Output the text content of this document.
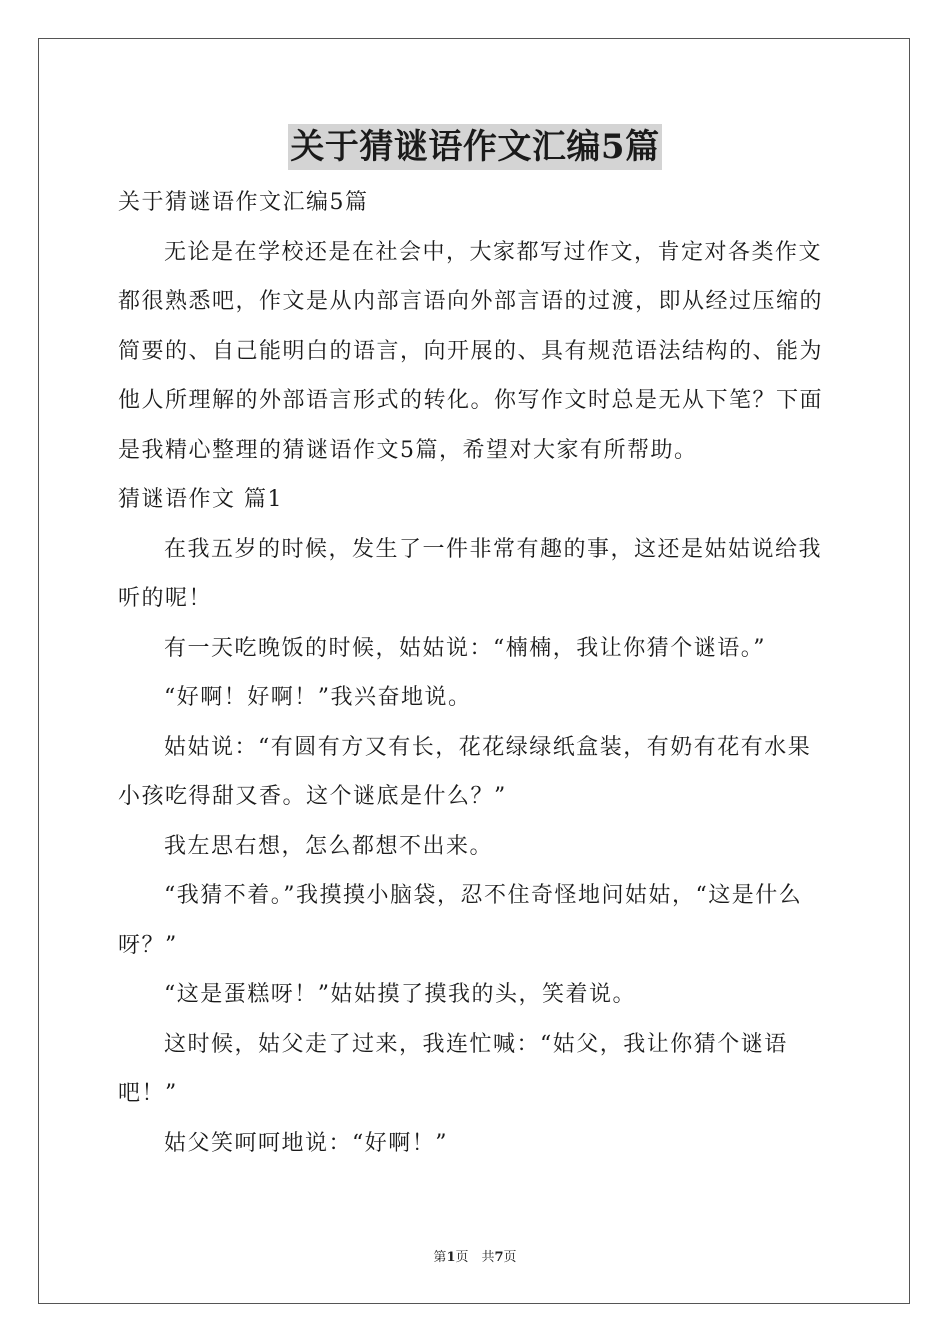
关于猜谜语作文汇编5篇

关于猜谜语作文汇编5篇

无论是在学校还是在社会中，大家都写过作文，肯定对各类作文都很熟悉吧，作文是从内部言语向外部言语的过渡，即从经过压缩的简要的、自己能明白的语言，向开展的、具有规范语法结构的、能为他人所理解的外部语言形式的转化。你写作文时总是无从下笔？下面是我精心整理的猜谜语作文5篇，希望对大家有所帮助。

猜谜语作文 篇1

在我五岁的时候，发生了一件非常有趣的事，这还是姑姑说给我听的呢！

有一天吃晚饭的时候，姑姑说：“楠楠，我让你猜个谜语。”

“好啊！好啊！”我兴奋地说。

姑姑说：“有圆有方又有长，花花绿绿纸盒装，有奶有花有水果小孩吃得甜又香。这个谜底是什么？”

我左思右想，怎么都想不出来。

“我猜不着。”我摸摸小脑袋，忍不住奇怪地问姑姑，“这是什么呀？”

“这是蛋糕呀！”姑姑摸了摸我的头，笑着说。

这时候，姑父走了过来，我连忙喊：“姑父，我让你猜个谜语吧！”

姑父笑呵呵地说：“好啊！”

第1页　共7页
